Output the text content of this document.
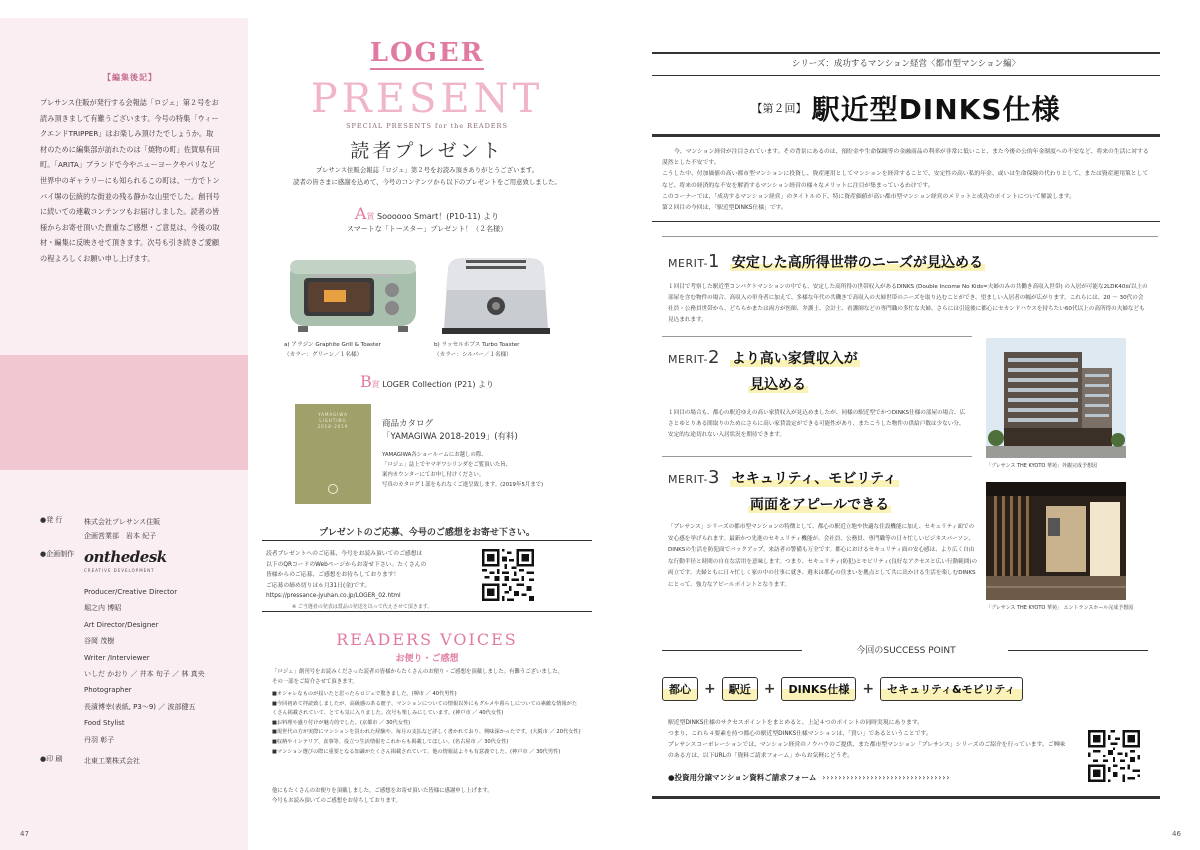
【編集後記】
プレサンス住販が発行する会報誌「ロジェ」第２号をお読み頂きまして有難うございます。今号の特集「ウィークエンドTRIPPER」はお楽しみ頂けたでしょうか。取材のために編集部が訪れたのは「焼物の町」佐賀県有田町。「ARITA」ブランドで今やニューヨークやパリなど世界中のギャラリーにも知られるこの町は、一方でトンバイ塀の伝統的な街並の残る静かな山里でした。創刊号に続いての連載コンテンツもお届けしました。読者の皆様からお寄せ頂いた貴重なご感想・ご意見は、今後の取材・編集に反映させて頂きます。次号も引き続きご愛顧の程よろしくお願い申し上げます。
●発 行	株式会社プレサンス住販
企画営業部　岩本 紀子
●企画制作 onthedesk
CREATIVE DEVELOPMENT
Producer/Creative Director
堀之内 博昭
Art Director/Designer
谷岡 茂樹
Writer /Interviewer
いしだ かおり ／ 井本 旬子 ／ 林 真央
Photographer
長濱博幸(表紙, P3〜9) ／ 波部健五
Food Stylist
丹羽 彰子
●印 刷	北東工業株式会社
47
LOGER
PRESENT
SPECIAL PRESENTS for the READERS
読者プレゼント
プレサンス住販会報誌「ロジェ」第２号をお読み頂きありがとうございます。
読者の皆さまに感謝を込めて、今号のコンテンツから以下のプレゼントをご用意致しました。
A賞 Soooooo Smart！(P10-11) より
スマートな「トースター」プレゼント！（２名様）
a) アラジン Graphite Grill & Toaster
（カラー：グリーン／１名様）
b) ラッセルホブス Turbo Toaster
（カラー：シルバー／１名様）
B賞 LOGER Collection (P21) より
YAMAGIWA
LIGHTING
2018-2019	商品カタログ
「YAMAGIWA 2018-2019」(有料)
YAMAGIWA各ショールームにお越しの際、
「ロジェ」誌上でヤマギワシリンダをご覧頂いた旨、
案内カウンターにてお申し付けください。
写真のカタログ１部をもれなくご進呈致します。(2019年5月まで)
プレゼントのご応募、今号のご感想をお寄せ下さい。
読者プレゼントへのご応募、今号をお読み頂いてのご感想は
以下のQRコードのWebページからお寄せ下さい。たくさんの
皆様からのご応募、ご感想をお待ちしております！
ご応募の締め切りは６月31日(金)です。
https://pressance-jyuhan.co.jp/LOGER_02.html
※ ご当選者の発表は賞品の発送を以って代えさせて頂きます。
READERS VOICES
お便り・ご感想
「ロジェ」創刊号をお読みくださった読者の皆様からたくさんのお便り・ご感想を頂戴しました。有難うございました。
その一部をご紹介させて頂きます。
■ オシャレなものが届いたと思ったらロジェで驚きました。(堺市 ／ 40代男性)
■ 今回初めて拝読致しましたが、高級感のある冊子、マンションについての情報以外にもグルメや暮らしについての素敵な情報がたくさん掲載されていて、とても気に入りました。次号も楽しみにしています。(神戸市 ／ 40代女性)
■ お料理や盛り付けが魅力的でした。(京都市 ／ 30代女性)
■ 現世代の方が実際にマンションを買われた経験や、毎月の支払など詳しく書かれており、興味深かったです。(大阪市 ／ 20代女性)
■ 収納やインテリア、食事等、役立つ生活情報をこれからも掲載してほしい。(名古屋市 ／ 30代女性)
■ マンション選びの際に重要となる知識がたくさん掲載されていて、他の情報誌よりも有意義でした。(神戸市 ／ 30代男性)
他にもたくさんのお便りを頂戴しました。ご感想をお寄せ頂いた皆様に感謝申し上げます。
今号もお読み頂いてのご感想をお待ちしております。
シリーズ：成功するマンション経営〈都市型マンション編〉
【第２回】 駅近型DINKS仕様
今、マンション経営が注目されています。その背景にあるのは、預貯金や生命保険等の金融商品の利率が非常に低いこと、また今後の公的年金制度への不安など、将来の生活に対する漠然とした不安です。
こうした中、付加価値の高い都市型マンションに投資し、資産運用としてマンションを経営することで、安定性の高い私的年金、或いは生命保険の代わりとして、または資産運用策としてなど、将来の経済的な不安を解消するマンション経営の様々なメリットに注目が集まっているわけです。
このコーナーでは、「成功するマンション経営」のタイトルの下、特に資産価値が高い都市型マンション経営のメリットと成功のポイントについて解説します。
第２回目の今回は、「駅近型DINKS仕様」です。
MERIT-1 安定した高所得世帯のニーズが見込める
１回目で考察した駅近型コンパクトマンションの中でも、安定した高所得の世帯収入があるDINKS (Double Income No Kids=夫婦のみの共働き高収入世帯) の入居が可能な2LDK40㎡以上の部屋を含む物件の場合、高収入の単身者に加えて、多様な年代の共働きで高収入の夫婦世帯のニーズを取り込むことができ、望ましい入居者の幅が広がります。これらには、20 〜 30代の会社員・公務員世帯から、どちらかまたは両方が医師、弁護士、会計士、看護師などの専門職の多忙な夫婦、さらには引退後に都心にセカンドハウスを持ちたい60代以上の高所得の夫婦なども見込まれます。
MERIT-2 より高い家賃収入が
見込める
１回目の場合も、都心の駅近ゆえの高い家賃収入が見込めましたが、同様の駅近型でかつDINKS仕様の部屋の場合、広さとゆとりある間取りのためにさらに高い家賃設定ができる可能性があり、またこうした物件の供給戸数は少ない分、安定的な途切れない入居状況を期待できます。
「プレサンス THE KYOTO 華苑」外観完成予想図
MERIT-3 セキュリティ、モビリティ
両面をアピールできる
「プレサンス」シリーズの都市型マンションの特徴として、都心の駅近立地や快適な住設機能に加え、セキュリティ面での安心感を挙げられます。最新かつ先進のセキュリティ機能が、会社員、公務員、専門職等の日々忙しいビジネスパーソン、DINKSの生活を防犯面でバックアップ。来訪者の警備も万全です。都心におけるセキュリティ面の安心感は、より広く自由な行動半径と時間の自在な活用を意味します。つまり、セキュリティ(防犯)とモビリティ(良好なアクセスと広い行動範囲)の両立です。夫婦ともに日々忙しく家の中の仕事に就き、週末は都心の住まいを拠点として共に出かける生活を楽しむDINKSにとって、強力なアピールポイントとなります。
「プレサンス THE KYOTO 華苑」 エントランスホール完成予想図
今回のSUCCESS POINT
都心 +	駅近 +	DINKS仕様 +	セキュリティ&モビリティ
駅近型DINKS仕様のサクセスポイントをまとめると、上記４つのポイントの同時実現にあります。
つまり、これら４要素を持つ都心の駅近型DINKS仕様マンションは、「買い」であるということです。
プレサンスコーポレーションでは、マンション経営のノウハウのご提供、また都市型マンション「プレサンス」シリーズのご紹介を行っています。ご興味のある方は、以下URLの「資料ご請求フォーム」からお気軽にどうぞ。
●投資用分譲マンション資料ご請求フォーム ››››››››››››››››››››››››››››››››
46
